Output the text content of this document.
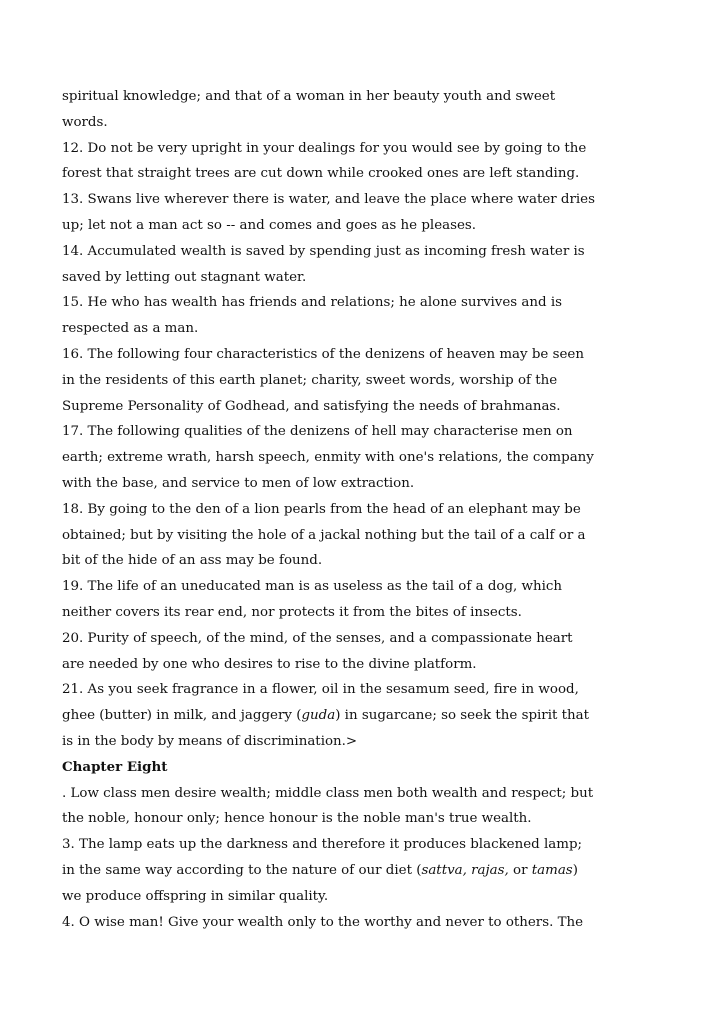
spiritual knowledge; and that of a woman in her beauty youth and sweet
words.
12. Do not be very upright in your dealings for you would see by going to the
forest that straight trees are cut down while crooked ones are left standing.
13. Swans live wherever there is water, and leave the place where water dries
up; let not a man act so -- and comes and goes as he pleases.
14. Accumulated wealth is saved by spending just as incoming fresh water is
saved by letting out stagnant water.
15. He who has wealth has friends and relations; he alone survives and is
respected as a man.
16. The following four characteristics of the denizens of heaven may be seen
in the residents of this earth planet; charity, sweet words, worship of the
Supreme Personality of Godhead, and satisfying the needs of brahmanas.
17. The following qualities of the denizens of hell may characterise men on
earth; extreme wrath, harsh speech, enmity with one's relations, the company
with the base, and service to men of low extraction.
18. By going to the den of a lion pearls from the head of an elephant may be
obtained; but by visiting the hole of a jackal nothing but the tail of a calf or a
bit of the hide of an ass may be found.
19. The life of an uneducated man is as useless as the tail of a dog, which
neither covers its rear end, nor protects it from the bites of insects.
20. Purity of speech, of the mind, of the senses, and a compassionate heart
are needed by one who desires to rise to the divine platform.
21. As you seek fragrance in a flower, oil in the sesamum seed, fire in wood,
ghee (butter) in milk, and jaggery (guda) in sugarcane; so seek the spirit that
is in the body by means of discrimination.>
Chapter Eight
. Low class men desire wealth; middle class men both wealth and respect; but
the noble, honour only; hence honour is the noble man's true wealth.
3. The lamp eats up the darkness and therefore it produces blackened lamp;
in the same way according to the nature of our diet (sattva, rajas, or tamas)
we produce offspring in similar quality.
4. O wise man! Give your wealth only to the worthy and never to others. The
